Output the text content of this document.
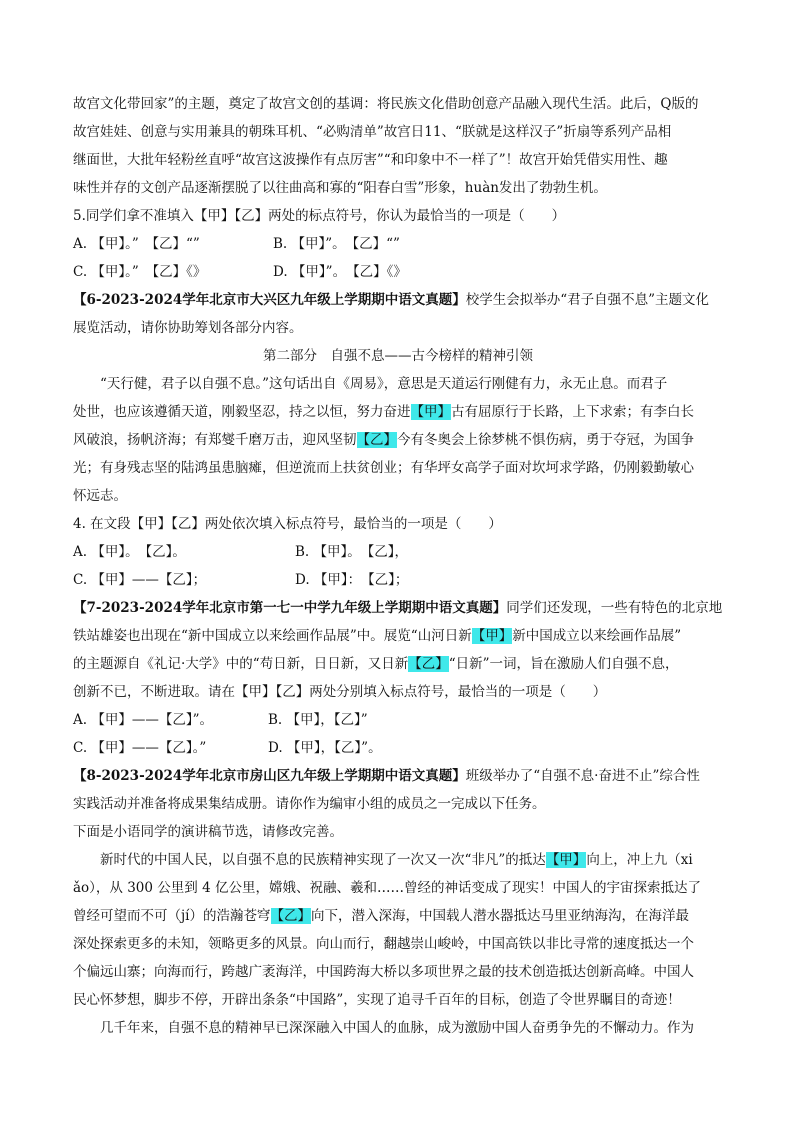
故宫文化带回家”的主题，奠定了故宫文创的基调：将民族文化借助创意产品融入现代生活。此后，Q版的
故宫娃娃、创意与实用兼具的朝珠耳机、“必购清单”故宫日11、“朕就是这样汉子”折扇等系列产品相
继面世，大批年轻粉丝直呼“故宫这波操作有点厉害”“和印象中不一样了”！故宫开始凭借实用性、趣
味性并存的文创产品逐渐摆脱了以往曲高和寡的“阳春白雪”形象，huàn发出了勃勃生机。
5.同学们拿不准填入【甲】【乙】两处的标点符号，你认为最恰当的一项是（　　）
A. 【甲】。”　【乙】“”	B. 【甲】”。　【乙】“”
C. 【甲】。”　【乙】《》	D. 【甲】”。　【乙】《》
【6-2023-2024学年北京市大兴区九年级上学期期中语文真题】校学生会拟举办“君子自强不息”主题文化
展览活动，请你协助筹划各部分内容。
第二部分　自强不息——古今榜样的精神引领
“天行健，君子以自强不息。”这句话出自《周易》，意思是天道运行刚健有力，永无止息。而君子
处世，也应该遵循天道，刚毅坚忍，持之以恒，努力奋进【甲】古有屈原行于长路，上下求索；有李白长
风破浪，扬帆济海；有郑燮千磨万击，迎风坚韧【乙】今有冬奥会上徐梦桃不惧伤病，勇于夺冠，为国争
光；有身残志坚的陆鸿虽患脑瘫，但逆流而上扶贫创业；有华坪女高学子面对坎坷求学路，仍刚毅勤敏心
怀远志。
4. 在文段【甲】【乙】两处依次填入标点符号，最恰当的一项是（　　）
A. 【甲】。　【乙】。	B. 【甲】。　【乙】，
C. 【甲】——【乙】；	D. 【甲】：　【乙】；
【7-2023-2024学年北京市第一七一中学九年级上学期期中语文真题】同学们还发现，一些有特色的北京地
铁站雄姿也出现在“新中国成立以来绘画作品展”中。展览“山河日新【甲】新中国成立以来绘画作品展”
的主题源自《礼记·大学》中的“苟日新，日日新，又日新【乙】“日新”一词，旨在激励人们自强不息，
创新不已，不断进取。请在【甲】【乙】两处分别填入标点符号，最恰当的一项是（　　）
A. 【甲】——【乙】”。	B. 【甲】，【乙】”
C. 【甲】——【乙】。”	D. 【甲】，【乙】”。
【8-2023-2024学年北京市房山区九年级上学期期中语文真题】班级举办了“自强不息·奋进不止”综合性
实践活动并准备将成果集结成册。请你作为编审小组的成员之一完成以下任务。
下面是小语同学的演讲稿节选，请修改完善。
新时代的中国人民，以自强不息的民族精神实现了一次又一次“非凡”的抵达【甲】向上，冲上九（xi
ǎo），从 300 公里到 4 亿公里，嫦娥、祝融、羲和……曾经的神话变成了现实！中国人的宇宙探索抵达了
曾经可望而不可（jí）的浩瀚苍穹【乙】向下，潜入深海，中国载人潜水器抵达马里亚纳海沟，在海洋最
深处探索更多的未知，领略更多的风景。向山而行，翻越崇山峻岭，中国高铁以非比寻常的速度抵达一个
个偏远山寨；向海而行，跨越广袤海洋，中国跨海大桥以多项世界之最的技术创造抵达创新高峰。中国人
民心怀梦想，脚步不停，开辟出条条“中国路”，实现了追寻千百年的目标，创造了令世界瞩目的奇迹！
几千年来，自强不息的精神早已深深融入中国人的血脉，成为激励中国人奋勇争先的不懈动力。作为
